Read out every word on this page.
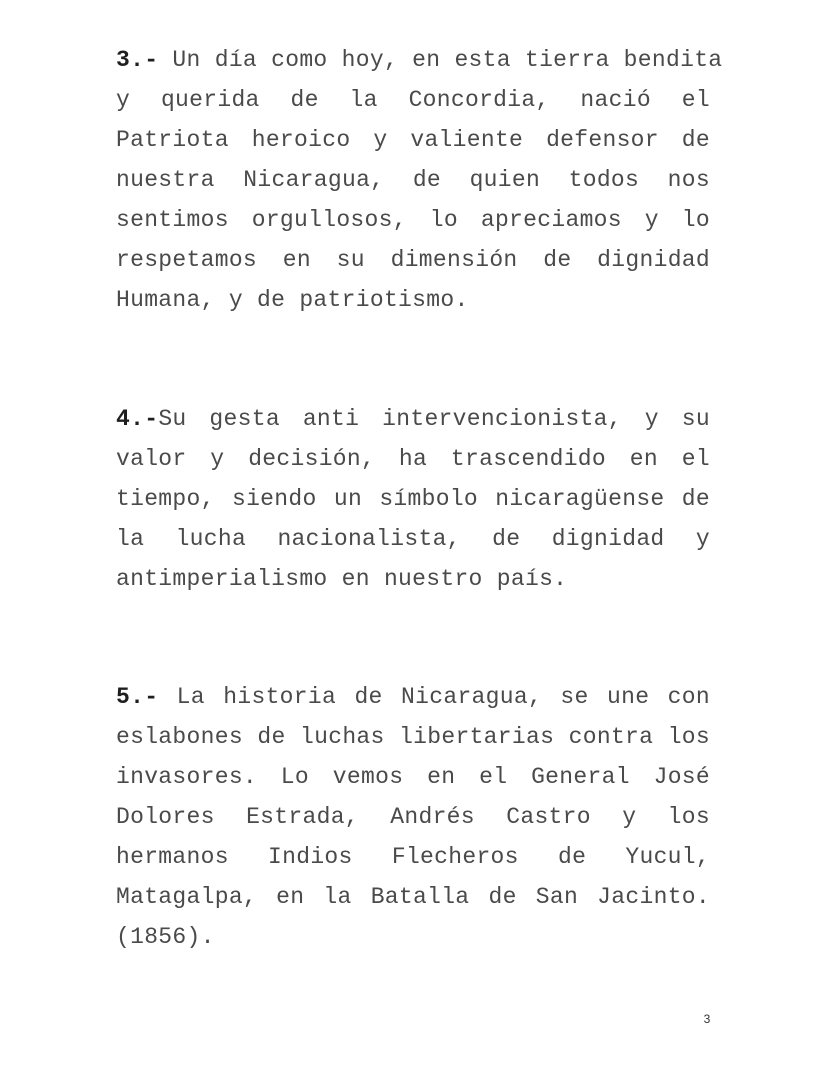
3.- Un día como hoy, en esta tierra bendita
y querida de la Concordia, nació el
Patriota heroico y valiente defensor de
nuestra Nicaragua, de quien todos nos
sentimos orgullosos, lo apreciamos y lo
respetamos en su dimensión de dignidad
Humana, y de patriotismo.
4.-Su gesta anti intervencionista, y su
valor y decisión, ha trascendido en el
tiempo, siendo un símbolo nicaragüense de
la lucha nacionalista, de dignidad y
antimperialismo en nuestro país.
5.- La historia de Nicaragua, se une con
eslabones de luchas libertarias contra los
invasores. Lo vemos en el General José
Dolores Estrada, Andrés Castro y los
hermanos Indios Flecheros de Yucul,
Matagalpa, en la Batalla de San Jacinto.
(1856).
3
